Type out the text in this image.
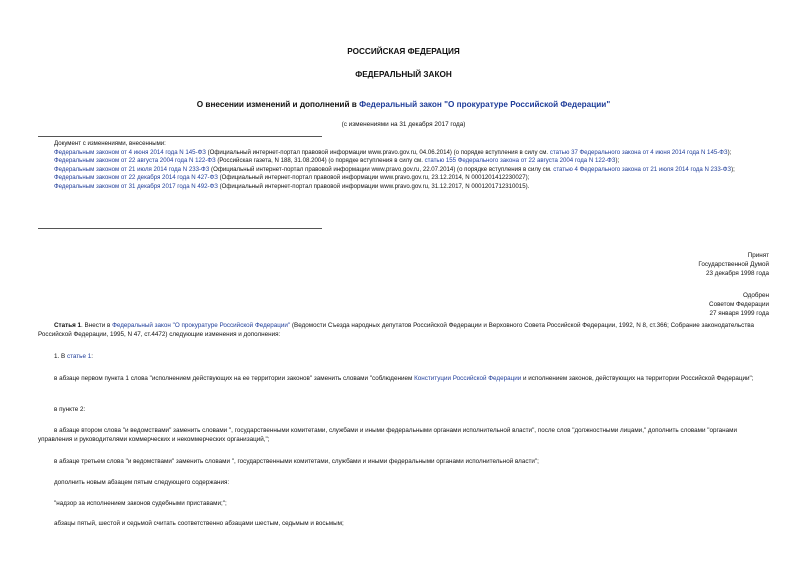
РОССИЙСКАЯ ФЕДЕРАЦИЯ
ФЕДЕРАЛЬНЫЙ ЗАКОН
О внесении изменений и дополнений в Федеральный закон "О прокуратуре Российской Федерации"
(с изменениями на 31 декабря 2017 года)

Документ с изменениями, внесенными:

Федеральным законом от 4 июня 2014 года N 145-ФЗ (Официальный интернет-портал правовой информации www.pravo.gov.ru, 04.06.2014) (о порядке вступления в силу см. статью 37 Федерального закона от 4 июня 2014 года N 145-ФЗ);

Федеральным законом от 22 августа 2004 года N 122-ФЗ (Российская газета, N 188, 31.08.2004) (о порядке вступления в силу см. статью 155 Федерального закона от 22 августа 2004 года N 122-ФЗ);

Федеральным законом от 21 июля 2014 года N 233-ФЗ (Официальный интернет-портал правовой информации www.pravo.gov.ru, 22.07.2014) (о порядке вступления в силу см. статью 4 Федерального закона от 21 июля 2014 года N 233-ФЗ);

Федеральным законом от 22 декабря 2014 года N 427-ФЗ (Официальный интернет-портал правовой информации www.pravo.gov.ru, 23.12.2014, N 0001201412230027);

Федеральным законом от 31 декабря 2017 года N 492-ФЗ (Официальный интернет-портал правовой информации www.pravo.gov.ru, 31.12.2017, N 0001201712310015).

Принят

Государственной Думой

23 декабря 1998 года

Одобрен

Советом Федерации

27 января 1999 года

Статья 1. Внести в Федеральный закон "О прокуратуре Российской Федерации" (Ведомости Съезда народных депутатов Российской Федерации и Верховного Совета Российской Федерации, 1992, N 8, ст.366; Собрание законодательства Российской Федерации, 1995, N 47, ст.4472) следующие изменения и дополнения:

1. В статье 1:

в абзаце первом пункта 1 слова "исполнением действующих на ее территории законов" заменить словами "соблюдением Конституции Российской Федерации и исполнением законов, действующих на территории Российской Федерации";

в пункте 2:

в абзаце втором слова "и ведомствами" заменить словами ", государственными комитетами, службами и иными федеральными органами исполнительной власти", после слов "должностными лицами," дополнить словами "органами управления и руководителями коммерческих и некоммерческих организаций,";

в абзаце третьем слова "и ведомствами" заменить словами ", государственными комитетами, службами и иными федеральными органами исполнительной власти";

дополнить новым абзацем пятым следующего содержания:

"надзор за исполнением законов судебными приставами;";

абзацы пятый, шестой и седьмой считать соответственно абзацами шестым, седьмым и восьмым;
